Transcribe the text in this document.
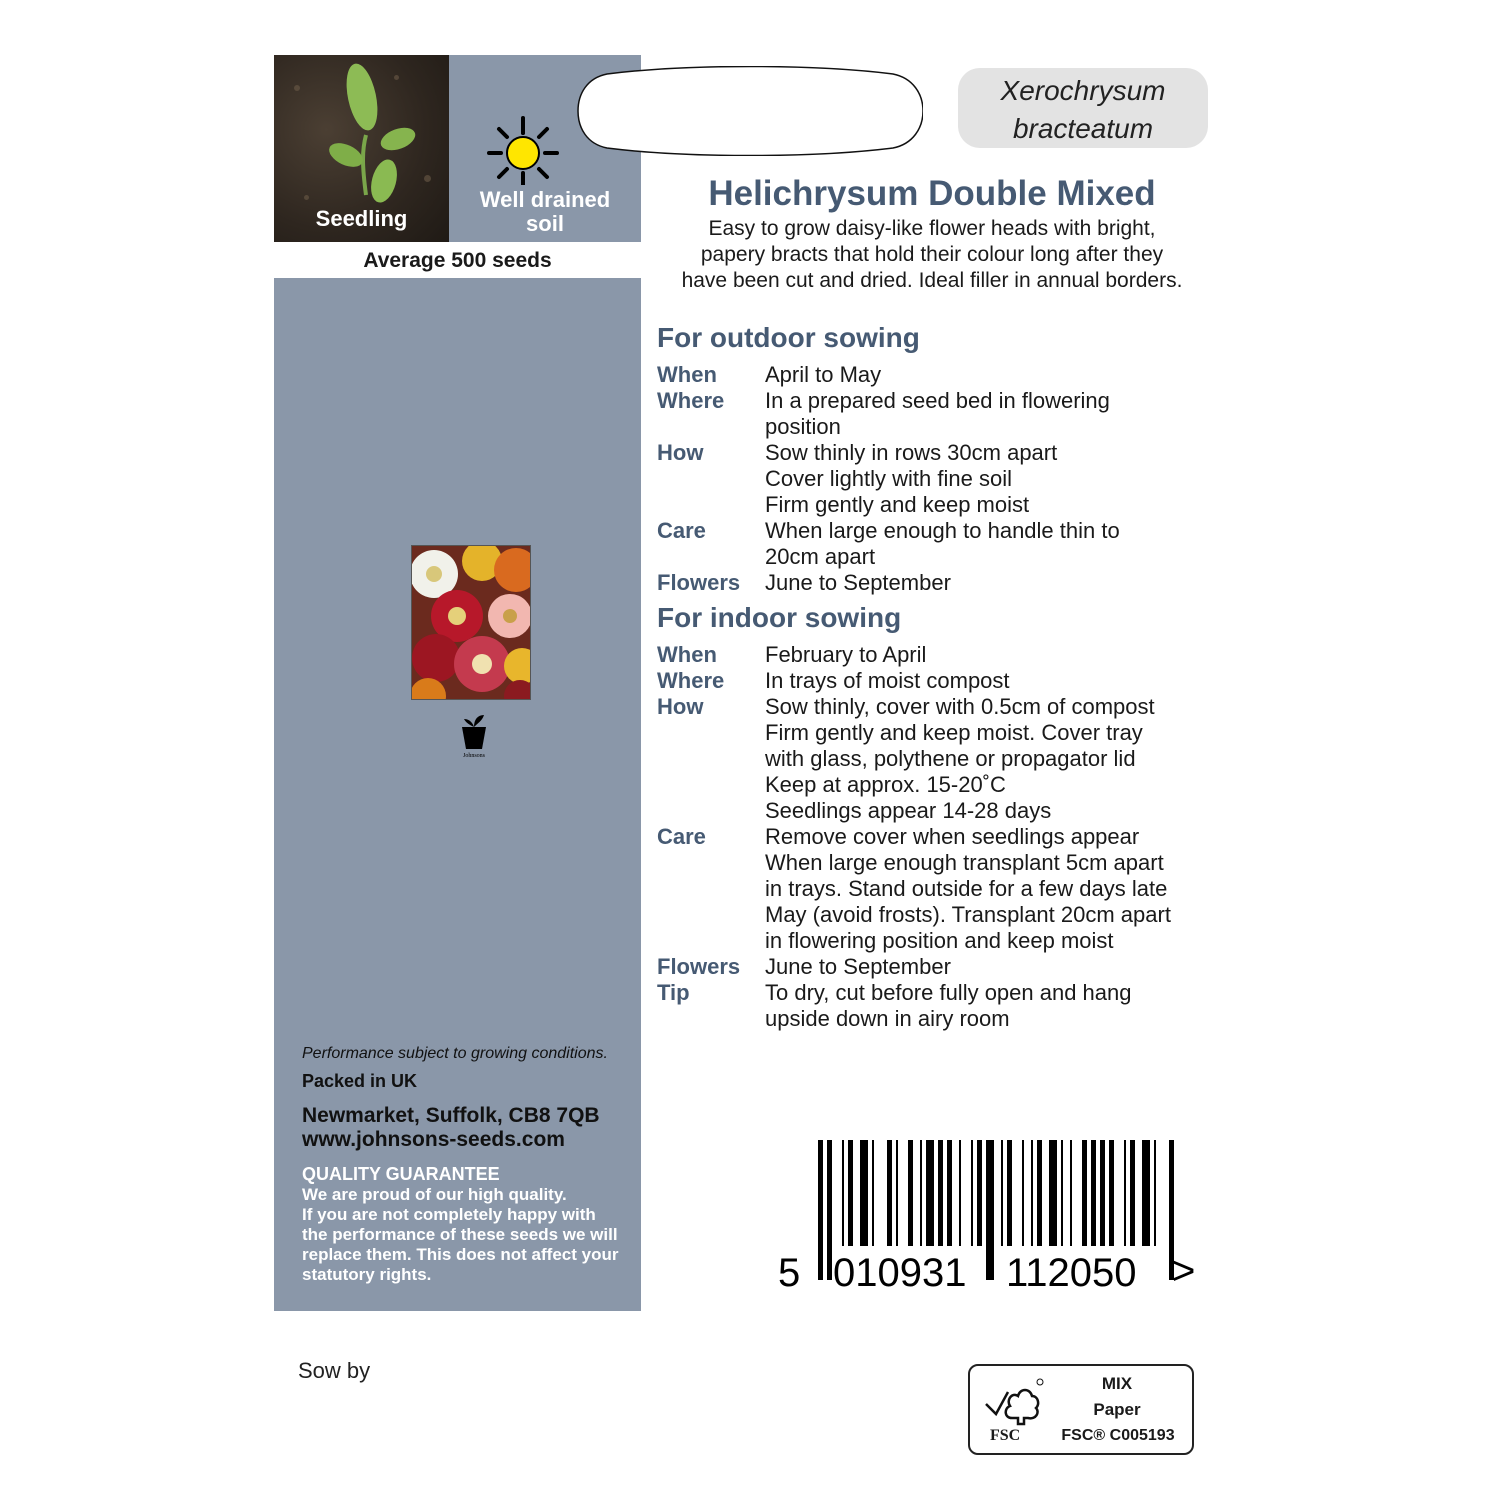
Seedling
Well drained
soil
Average 500 seeds
Johnsons
Performance subject to growing conditions.
Packed in UK
Newmarket, Suffolk, CB8 7QB
www.johnsons-seeds.com
QUALITY GUARANTEE
We are proud of our high quality.
If you are not completely happy with
the performance of these seeds we will
replace them. This does not affect your
statutory rights.
Xerochrysum
bracteatum
Helichrysum Double Mixed
Easy to grow daisy-like flower heads with bright,
papery bracts that hold their colour long after they
have been cut and dried. Ideal filler in annual borders.
For outdoor sowing
When	April to May
Where	In a prepared seed bed in flowering
position
How	Sow thinly in rows 30cm apart
Cover lightly with fine soil
Firm gently and keep moist
Care	When large enough to handle thin to
20cm apart
Flowers	June to September
For indoor sowing
When	February to April
Where	In trays of moist compost
How	Sow thinly, cover with 0.5cm of compost
Firm gently and keep moist. Cover tray
with glass, polythene or propagator lid
Keep at approx. 15-20˚C
Seedlings appear 14-28 days
Care	Remove cover when seedlings appear
When large enough transplant 5cm apart
in trays. Stand outside for a few days late
May (avoid frosts). Transplant 20cm apart
in flowering position and keep moist
Flowers	June to September
Tip	To dry, cut before fully open and hang
upside down in airy room
5 010931 112050 >
Sow by
FSC
MIX
Paper
FSC® C005193
